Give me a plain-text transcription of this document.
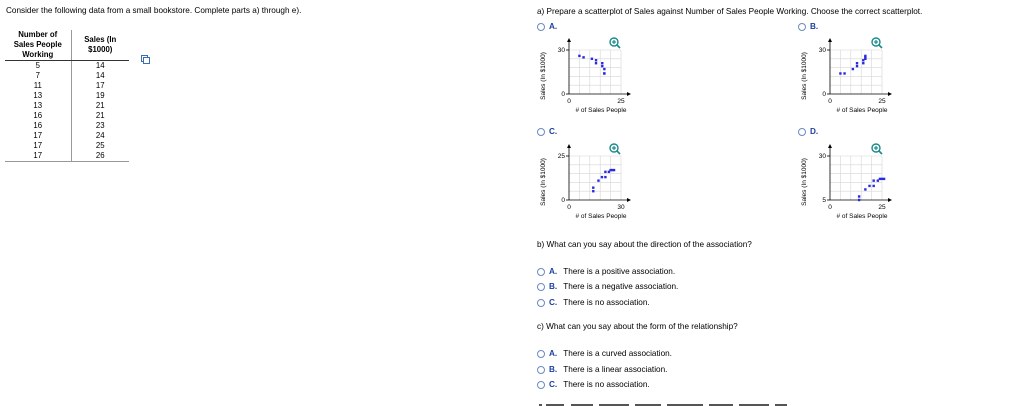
Consider the following data from a small bookstore. Complete parts a) through e).
Number of Sales People Working	Sales (In $1000)
5	14
7	14
11	17
13	19
13	21
16	21
16	23
17	24
17	25
17	26
a) Prepare a scatterplot of Sales against Number of Sales People Working. Choose the correct scatterplot.
A.	B.
C.	D.
30
0
0	25
# of Sales People
Sales (In $1000)
30
0
0	25
# of Sales People
Sales (In $1000)
25
0
0	30
# of Sales People
Sales (In $1000)
30
5
0	25
# of Sales People
Sales (In $1000)
b) What can you say about the direction of the association?
A. There is a positive association.
B. There is a negative association.
C. There is no association.
c) What can you say about the form of the relationship?
A. There is a curved association.
B. There is a linear association.
C. There is no association.
